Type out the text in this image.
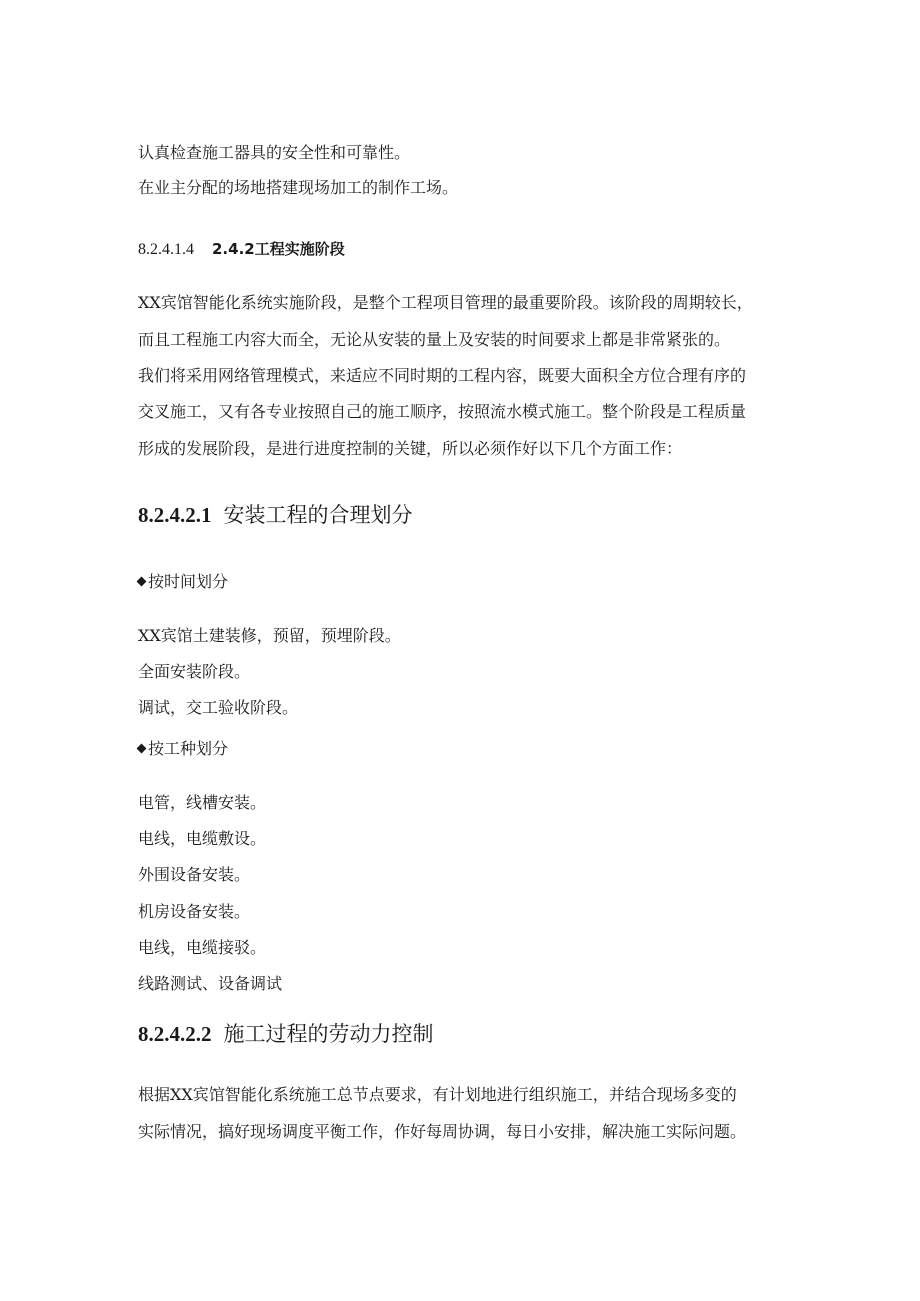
认真检查施工器具的安全性和可靠性。
在业主分配的场地搭建现场加工的制作工场。
8.2.4.1.4 2.4.2工程实施阶段
XX宾馆智能化系统实施阶段，是整个工程项目管理的最重要阶段。该阶段的周期较长，
而且工程施工内容大而全，无论从安装的量上及安装的时间要求上都是非常紧张的。
我们将采用网络管理模式，来适应不同时期的工程内容，既要大面积全方位合理有序的
交叉施工，又有各专业按照自己的施工顺序，按照流水模式施工。整个阶段是工程质量
形成的发展阶段，是进行进度控制的关键，所以必须作好以下几个方面工作：
8.2.4.2.1 安装工程的合理划分
按时间划分
XX宾馆土建装修，预留，预埋阶段。
全面安装阶段。
调试，交工验收阶段。
按工种划分
电管，线槽安装。
电线，电缆敷设。
外围设备安装。
机房设备安装。
电线，电缆接驳。
线路测试、设备调试
8.2.4.2.2 施工过程的劳动力控制
根据XX宾馆智能化系统施工总节点要求，有计划地进行组织施工，并结合现场多变的
实际情况，搞好现场调度平衡工作，作好每周协调，每日小安排，解决施工实际问题。
